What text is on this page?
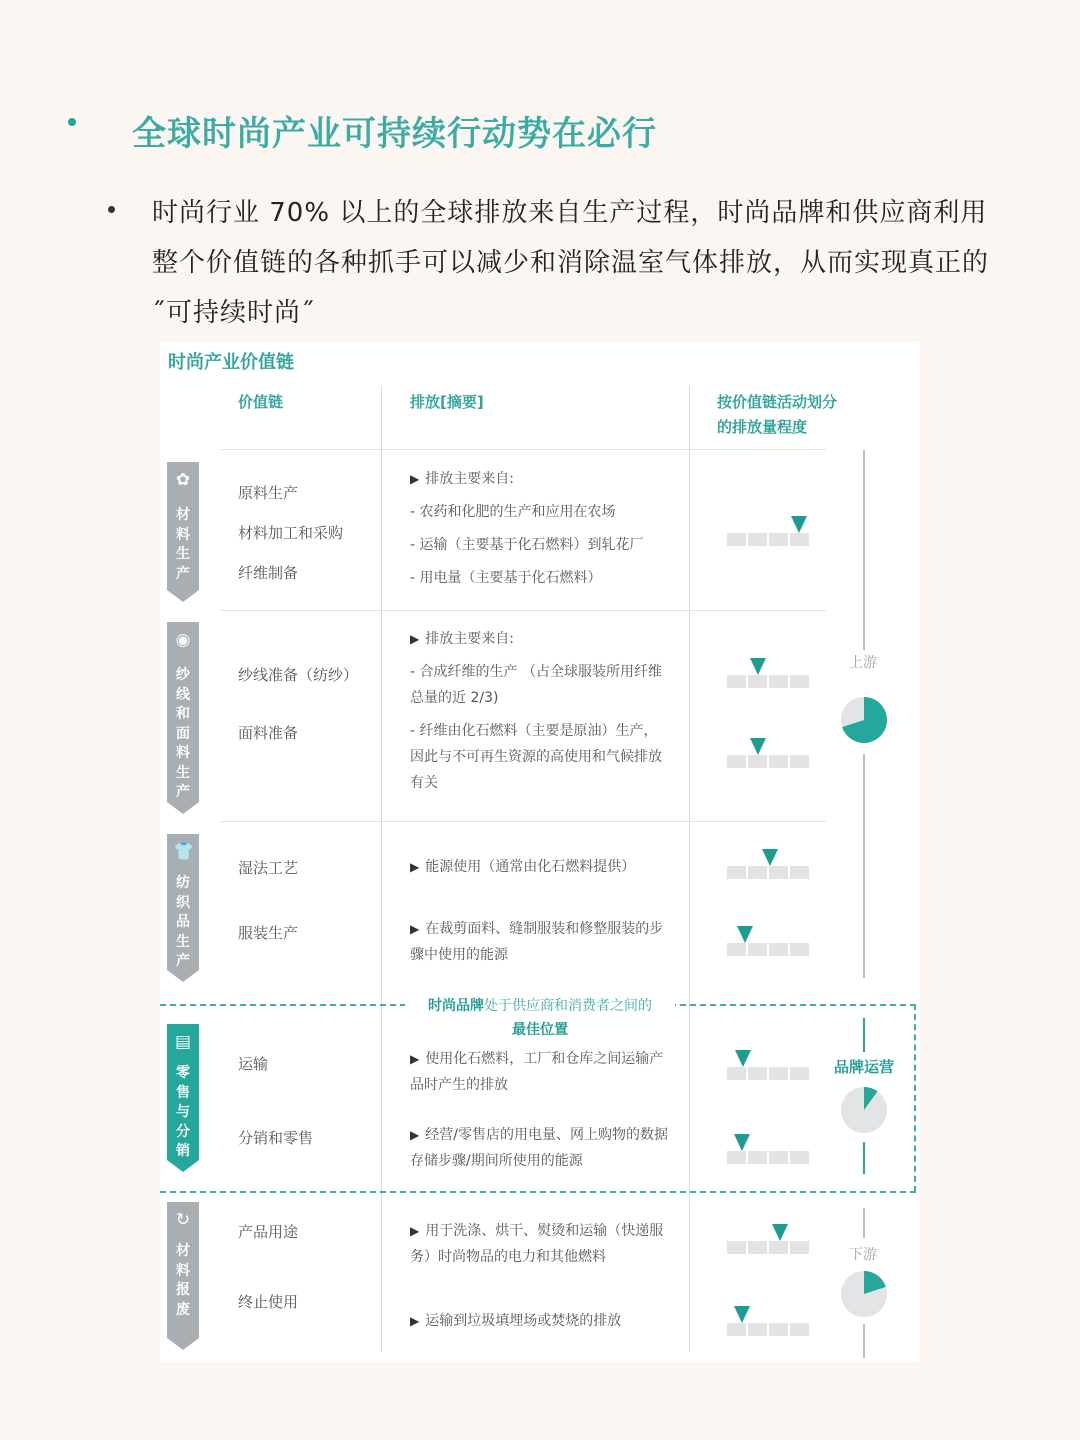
全球时尚产业可持续行动势在必行
时尚行业 70% 以上的全球排放来自生产过程，时尚品牌和供应商利用整个价值链的各种抓手可以减少和消除温室气体排放，从而实现真正的 ˝可持续时尚˝
时尚产业价值链
价值链	排放[摘要]	按价值链活动划分
的排放量程度
✿
材料生产
◉
纱线和面料生产
👕
纺织品生产
▤
零售与分销
↻
材料报废
原料生产
材料加工和采购
纤维制备
纱线准备（纺纱）
面料准备
湿法工艺
服装生产
运输
分销和零售
产品用途
终止使用
▶ 排放主要来自:
- 农药和化肥的生产和应用在农场
- 运输（主要基于化石燃料）到轧花厂
- 用电量（主要基于化石燃料）
▶ 排放主要来自:
- 合成纤维的生产 （占全球服装所用纤维总量的近 2/3)
- 纤维由化石燃料（主要是原油）生产，因此与不可再生资源的高使用和气候排放有关
▶ 能源使用（通常由化石燃料提供）
▶ 在裁剪面料、缝制服装和修整服装的步骤中使用的能源
▶ 使用化石燃料，工厂和仓库之间运输产品时产生的排放
▶ 经营/零售店的用电量、网上购物的数据存储步骤/期间所使用的能源
▶ 用于洗涤、烘干、熨烫和运输（快递服务）时尚物品的电力和其他燃料
▶ 运输到垃圾填埋场或焚烧的排放
上游
品牌运营
下游
时尚品牌处于供应商和消费者之间的
最佳位置
